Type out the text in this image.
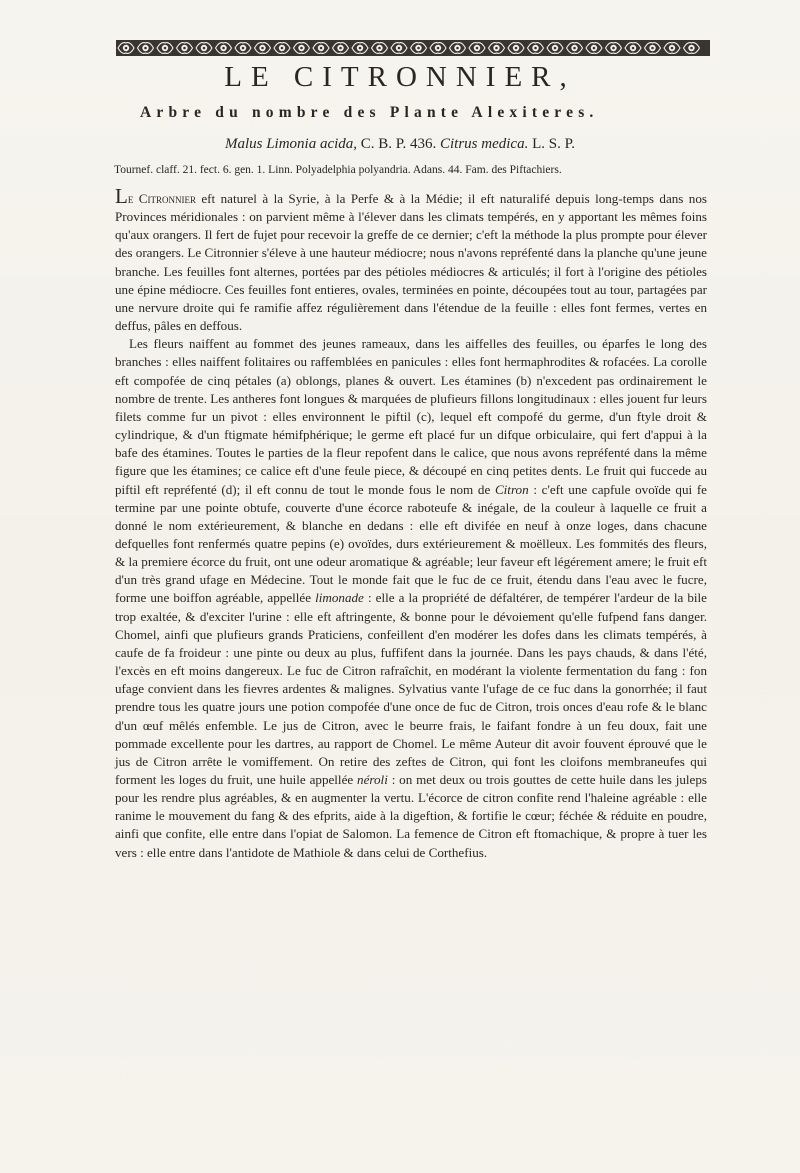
LE CITRONNIER,

Arbre du nombre des Plante Alexiteres.

Malus Limonia acida, C. B. P. 436. Citrus medica. L. S. P.

Tournef. claff. 21. fect. 6. gen. 1. Linn. Polyadelphia polyandria. Adans. 44. Fam. des Piftachiers.

Le Citronnier eft naturel à la Syrie, à la Perfe & à la Médie; il eft naturalifé depuis long-temps dans nos Provinces méridionales : on parvient même à l'élever dans les climats tempérés, en y apportant les mêmes foins qu'aux orangers. Il fert de fujet pour recevoir la greffe de ce dernier; c'eft la méthode la plus prompte pour élever des orangers. Le Citronnier s'éleve à une hauteur médiocre; nous n'avons repréfenté dans la planche qu'une jeune branche. Les feuilles font alternes, portées par des pétioles médiocres & articulés; il fort à l'origine des pétioles une épine médiocre. Ces feuilles font entieres, ovales, terminées en pointe, découpées tout au tour, partagées par une nervure droite qui fe ramifie affez régulièrement dans l'étendue de la feuille : elles font fermes, vertes en deffus, pâles en deffous.

Les fleurs naiffent au fommet des jeunes rameaux, dans les aiffelles des feuilles, ou éparfes le long des branches : elles naiffent folitaires ou raffemblées en panicules : elles font hermaphrodites & rofacées. La corolle eft compofée de cinq pétales (a) oblongs, planes & ouvert. Les étamines (b) n'excedent pas ordinairement le nombre de trente. Les antheres font longues & marquées de plufieurs fillons longitudinaux : elles jouent fur leurs filets comme fur un pivot : elles environnent le piftil (c), lequel eft compofé du germe, d'un ftyle droit & cylindrique, & d'un ftigmate hémifphérique; le germe eft placé fur un difque orbiculaire, qui fert d'appui à la bafe des étamines. Toutes le parties de la fleur repofent dans le calice, que nous avons repréfenté dans la même figure que les étamines; ce calice eft d'une feule piece, & découpé en cinq petites dents. Le fruit qui fuccede au piftil eft repréfenté (d); il eft connu de tout le monde fous le nom de Citron : c'eft une capfule ovoïde qui fe termine par une pointe obtufe, couverte d'une écorce raboteufe & inégale, de la couleur à laquelle ce fruit a donné le nom extérieurement, & blanche en dedans : elle eft divifée en neuf à onze loges, dans chacune defquelles font renfermés quatre pepins (e) ovoïdes, durs extérieurement & moëlleux. Les fommités des fleurs, & la premiere écorce du fruit, ont une odeur aromatique & agréable; leur faveur eft légérement amere; le fruit eft d'un très grand ufage en Médecine. Tout le monde fait que le fuc de ce fruit, étendu dans l'eau avec le fucre, forme une boiffon agréable, appellée limonade : elle a la propriété de défaltérer, de tempérer l'ardeur de la bile trop exaltée, & d'exciter l'urine : elle eft aftringente, & bonne pour le dévoiement qu'elle fufpend fans danger. Chomel, ainfi que plufieurs grands Praticiens, confeillent d'en modérer les dofes dans les climats tempérés, à caufe de fa froideur : une pinte ou deux au plus, fuffifent dans la journée. Dans les pays chauds, & dans l'été, l'excès en eft moins dangereux. Le fuc de Citron rafraîchit, en modérant la violente fermentation du fang : fon ufage convient dans les fievres ardentes & malignes. Sylvatius vante l'ufage de ce fuc dans la gonorrhée; il faut prendre tous les quatre jours une potion compofée d'une once de fuc de Citron, trois onces d'eau rofe & le blanc d'un œuf mêlés enfemble. Le jus de Citron, avec le beurre frais, le faifant fondre à un feu doux, fait une pommade excellente pour les dartres, au rapport de Chomel. Le même Auteur dit avoir fouvent éprouvé que le jus de Citron arrête le vomiffement. On retire des zeftes de Citron, qui font les cloifons membraneufes qui forment les loges du fruit, une huile appellée néroli : on met deux ou trois gouttes de cette huile dans les juleps pour les rendre plus agréables, & en augmenter la vertu. L'écorce de citron confite rend l'haleine agréable : elle ranime le mouvement du fang & des efprits, aide à la digeftion, & fortifie le cœur; féchée & réduite en poudre, ainfi que confite, elle entre dans l'opiat de Salomon. La femence de Citron eft ftomachique, & propre à tuer les vers : elle entre dans l'antidote de Mathiole & dans celui de Corthefius.
